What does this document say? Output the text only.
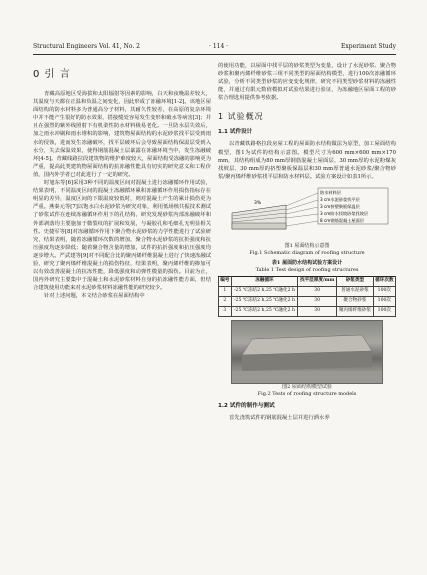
Structural Engineers Vol. 41, No. 2	· 114 ·	Experiment Study
0 引 言

青藏高原地区受海拔和太阳辐射等因素的影响，白天和夜晚温差较大，其温度与天都在正温和负温之间变化，因此形成了冻融环境[1-2]。该地区屋面结构的防水材料多为普通高分子材料，其耐久性较差，在高原的复杂环境中并不能产生很好的防水效果，搭接缝处容易发生变形和破水等病害[3]；并且在强烈的紫外线照射下有机柔性防水材料极易老化。一旦防水层失效后，加之雨水冲刷和雨水堆积的影响，建筑物屋面结构的水泥砂浆找平层受到雨水的侵蚀，进而发生冻融破坏，找平层破坏后会导致屋面结构保温层受到入水分，失去保温效果，使得钢筋混凝土层暴露在冻融环境当中，发生冻融破坏[4-5]。青藏线路拉段建筑物的维护难度较大，屋面结构受冻融的影响更为严重，提高此类建筑物屋面结构的抗冻融性能具有切实的研究意义和工程价值，国内外学者已对此进行了一定的研究。

时旭东等[6]采用3种不同的温度区间对混凝土进行冻融循环作用试验，结果表明，不同温度区间的混凝土冻融循环累积冻融循环作用损伤指标存在明显的差异，温度区间的下限温度较低时，则对混凝土产生的累计损伤更为严重。燕秦元等[7]以饱水白水泥砂浆为研究对象，利用低场核共振技术测试了砂浆试件在连续冻融循环作用下的孔结构，研究发现砂浆内部冻融破坏和外部剥落均主要施加于微裂纹的扩展和发展，与凝胶孔和毛细孔无明显相关性。史捷军等[8]对冻融循环作用下聚合物水泥砂浆的力学性能进行了试验研究，结果表明，随着冻融循环次数的增加，聚合物水泥砂浆的抗折强度和抗压强度均逐步降低；随着聚合物含量的增加，试件的抗折强度和抗压强度均逐步增大。严武建等[9]对不同配合比的聚丙烯纤维混凝土进行了快速冻融试验，研究了聚丙烯纤维混凝土的损伤特征，结果表明，聚丙烯纤维的掺加可以有效改善混凝土的抗冻性能，降低强度和动弹性模量的损伤。目前为止，国内外研究主要集中于混凝土和水泥砂浆材料自身的抗冻融性能方面，但结合建筑使用功能来对水泥砂浆材料冻融性能的研究较少。

针对上述问题，本文结合砂浆在屋面结构中

的使用功能，以屋面中找平层的砂浆类型为变量，设计了水泥砂浆、聚合物砂浆和聚丙烯纤维砂浆三组不同类型的屋面结构模型，进行100次冻融循环试验，分析不同类型砂浆的应变变化规律，研究不同类型砂浆材料的冻融性能，并通过有限元数值模拟对试验结果进行验证，为冻融地区屋面工程的砂浆合理选用提供参考依据。

1 试验概况
1.1 试件设计

以青藏铁路格拉段房屋工程的屋面防水结构做法为原型，加工屋面结构模型，图1为试件的结构示意图。模型尺寸为600 mm×600 mm×170 mm，其结构组成为80 mm厚钢筋混凝土屋面层、30 mm厚的水泥粉煤灰找坡层、30 mm厚的挤塑聚板保温层和30 mm厚普通水泥砂浆/聚合物砂浆/聚丙烯纤维砂浆找平层和防水材料层。试验方案设计如表1所示。

3%
防水材料层
3 cm水泥砂浆找平层
3 cm挤塑聚板保温层
3 cm防水找坡砂浆找坡层
8 cm钢筋混凝土屋面层
图1 屋面结构示意图
Fig.1 Schematic diagram of roofing structure
表1 屋面防水结构试验方案设计
Table 1 Test design of roofing structures
编号	冻融循环	找平层厚度/mm	砂浆类型	循环次数
1	-25 ℃冻结2 h,25 ℃融化2 h	30	普通水泥砂浆	100次
2	-25 ℃冻结2 h,25 ℃融化2 h	30	聚合物砂浆	100次
3	-25 ℃冻结2 h,25 ℃融化2 h	30	聚丙烯纤维砂浆	100次
图2 屋面结构模型试验
Fig.2 Tests of roofing structure models
1.2 试件的制作与测试

首先浇筑试件的钢筋混凝土层并进行洒水养
